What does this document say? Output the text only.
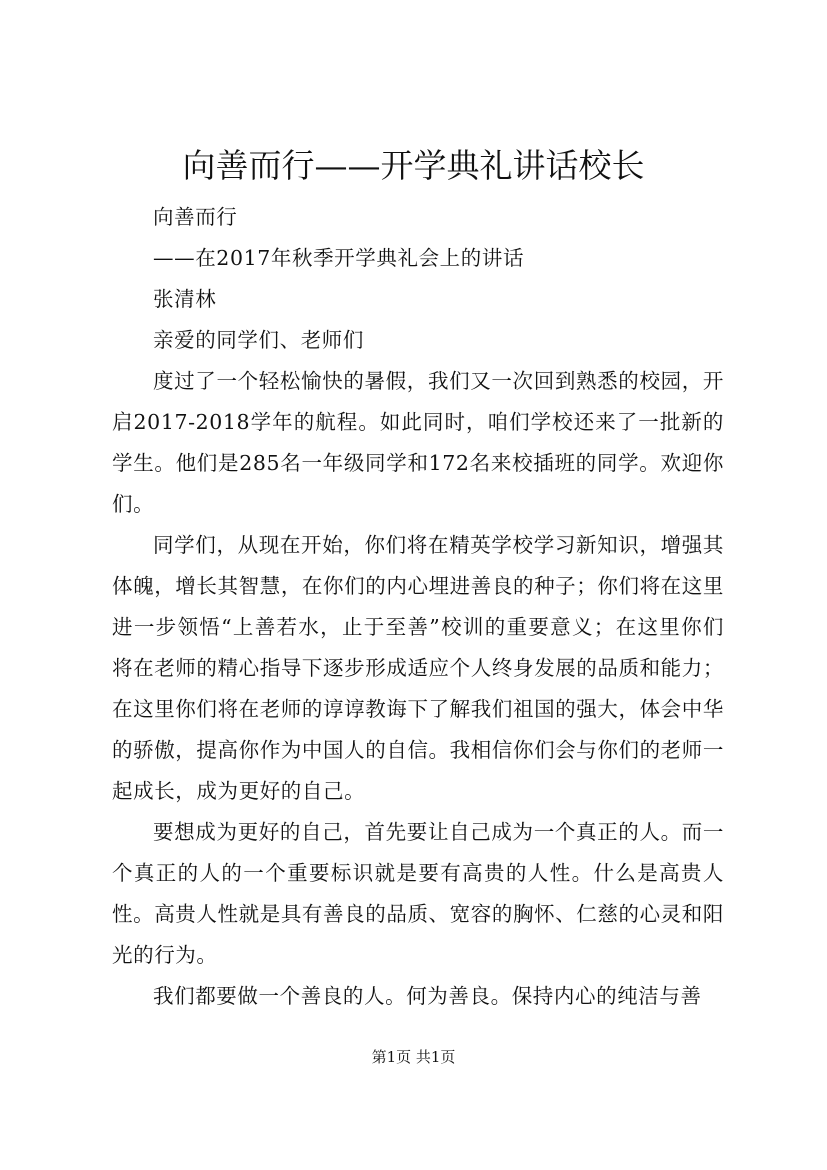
向善而行——开学典礼讲话校长

向善而行

——在2017年秋季开学典礼会上的讲话

张清林

亲爱的同学们、老师们

度过了一个轻松愉快的暑假，我们又一次回到熟悉的校园，开启2017-2018学年的航程。如此同时，咱们学校还来了一批新的学生。他们是285名一年级同学和172名来校插班的同学。欢迎你们。

同学们，从现在开始，你们将在精英学校学习新知识，增强其体魄，增长其智慧，在你们的内心埋进善良的种子；你们将在这里进一步领悟“上善若水，止于至善”校训的重要意义；在这里你们将在老师的精心指导下逐步形成适应个人终身发展的品质和能力；在这里你们将在老师的谆谆教诲下了解我们祖国的强大，体会中华的骄傲，提高你作为中国人的自信。我相信你们会与你们的老师一起成长，成为更好的自己。

要想成为更好的自己，首先要让自己成为一个真正的人。而一个真正的人的一个重要标识就是要有高贵的人性。什么是高贵人性。高贵人性就是具有善良的品质、宽容的胸怀、仁慈的心灵和阳光的行为。

我们都要做一个善良的人。何为善良。保持内心的纯洁与善

第1页 共1页
